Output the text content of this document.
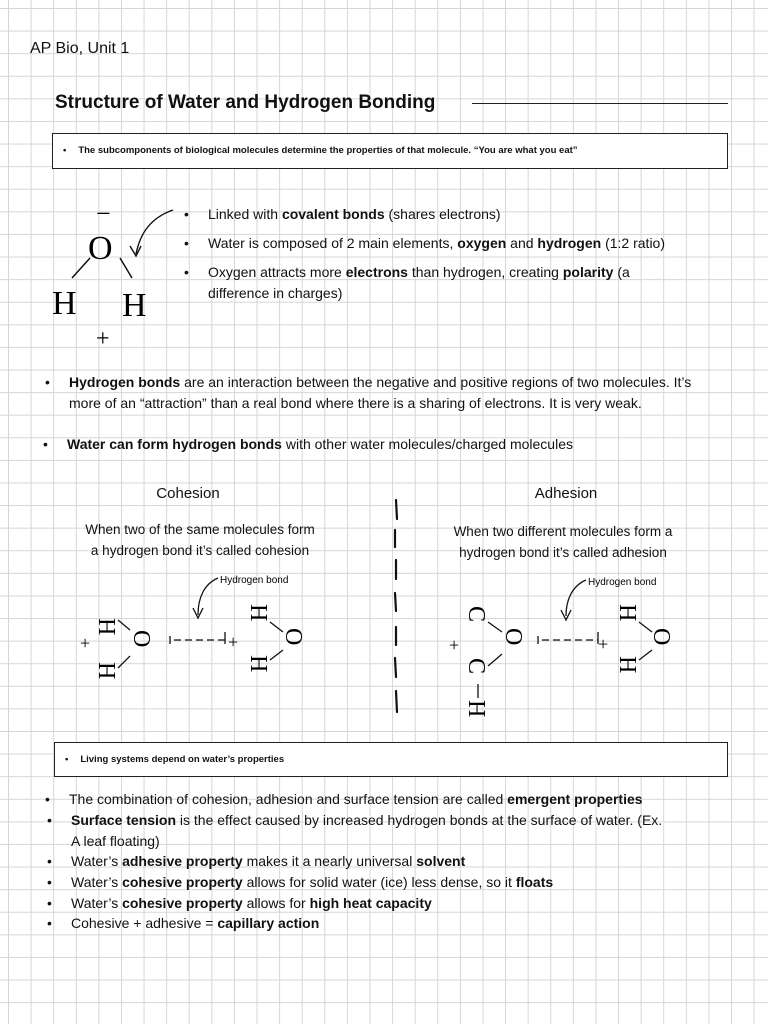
AP Bio, Unit 1
Structure of Water and Hydrogen Bonding
• The subcomponents of biological molecules determine the properties of that molecule. “You are what you eat”
−
O
H H
+
• Linked with covalent bonds (shares electrons)
• Water is composed of 2 main elements, oxygen and hydrogen (1:2 ratio)
• Oxygen attracts more electrons than hydrogen, creating polarity (a
difference in charges)
• Hydrogen bonds are an interaction between the negative and positive regions of two molecules. It’s
more of an “attraction” than a real bond where there is a sharing of electrons. It is very weak.
• Water can form hydrogen bonds with other water molecules/charged molecules
Cohesion
When two of the same molecules form
a hydrogen bond it’s called cohesion
Adhesion
When two different molecules form a
hydrogen bond it’s called adhesion
Hydrogen bond
+
H
H
O	+
H
H
O
Hydrogen bond
+
C
C
O
H
+
H
H
O
• Living systems depend on water’s properties
• The combination of cohesion, adhesion and surface tension are called emergent properties
• Surface tension is the effect caused by increased hydrogen bonds at the surface of water. (Ex.
A leaf floating)
• Water’s adhesive property makes it a nearly universal solvent
• Water’s cohesive property allows for solid water (ice) less dense, so it floats
• Water’s cohesive property allows for high heat capacity
• Cohesive + adhesive = capillary action
